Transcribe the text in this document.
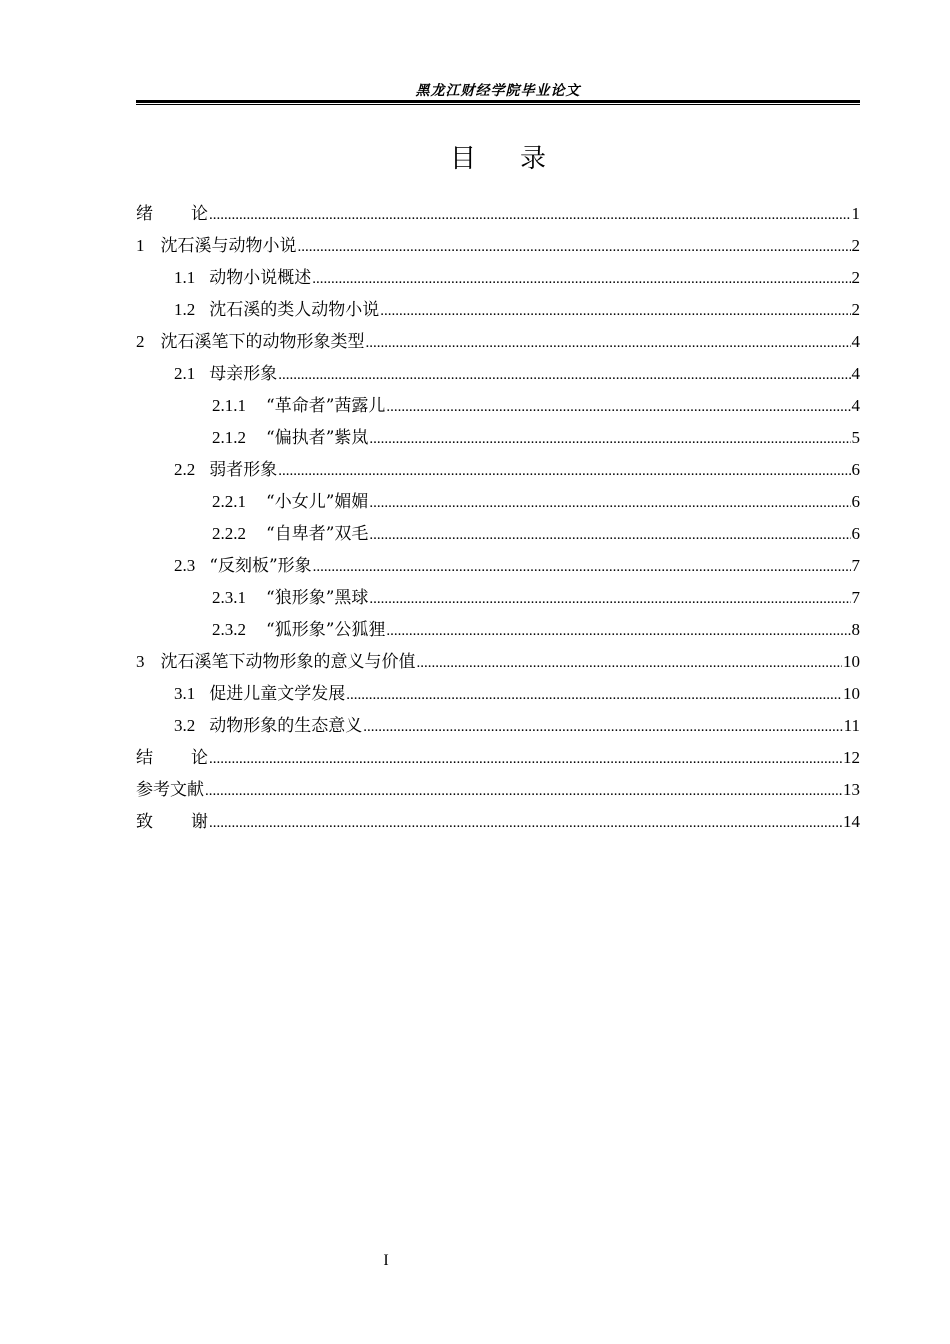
黑龙江财经学院毕业论文
目 录
绪 论 .....	1
1 沈石溪与动物小说 .....	2
1.1 动物小说概述 .....	2
1.2 沈石溪的类人动物小说 .....	2
2 沈石溪笔下的动物形象类型 .....	4
2.1 母亲形象 .....	4
2.1.1 “革命者”茜露儿 .....	4
2.1.2 “偏执者”紫岚 .....	5
2.2 弱者形象 .....	6
2.2.1 “小女儿”媚媚 .....	6
2.2.2 “自卑者”双毛 .....	6
2.3 “反刻板”形象 .....	7
2.3.1 “狼形象”黑球 .....	7
2.3.2 “狐形象”公狐狸 .....	8
3 沈石溪笔下动物形象的意义与价值 .....	10
3.1 促进儿童文学发展 .....	10
3.2 动物形象的生态意义 .....	11
结 论 .....	12
参考文献 .....	13
致 谢 .....	14
I
